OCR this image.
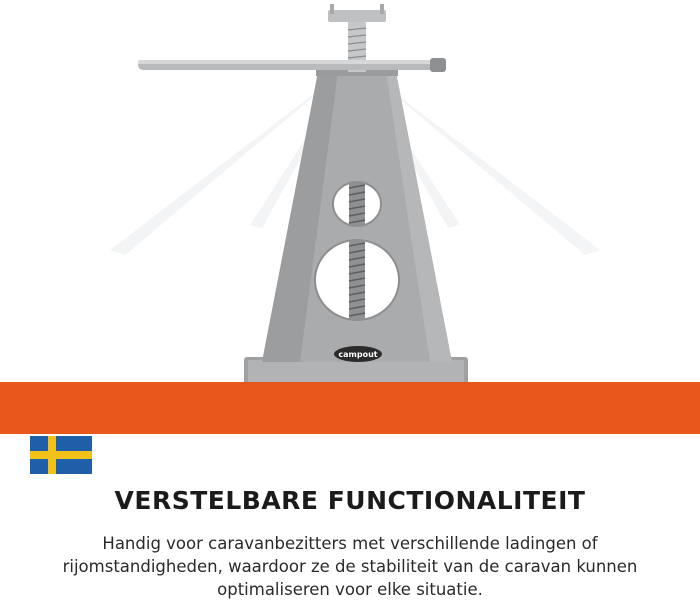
campout
VERSTELBARE FUNCTIONALITEIT
Handig voor caravanbezitters met verschillende ladingen of rijomstandigheden, waardoor ze de stabiliteit van de caravan kunnen optimaliseren voor elke situatie.
